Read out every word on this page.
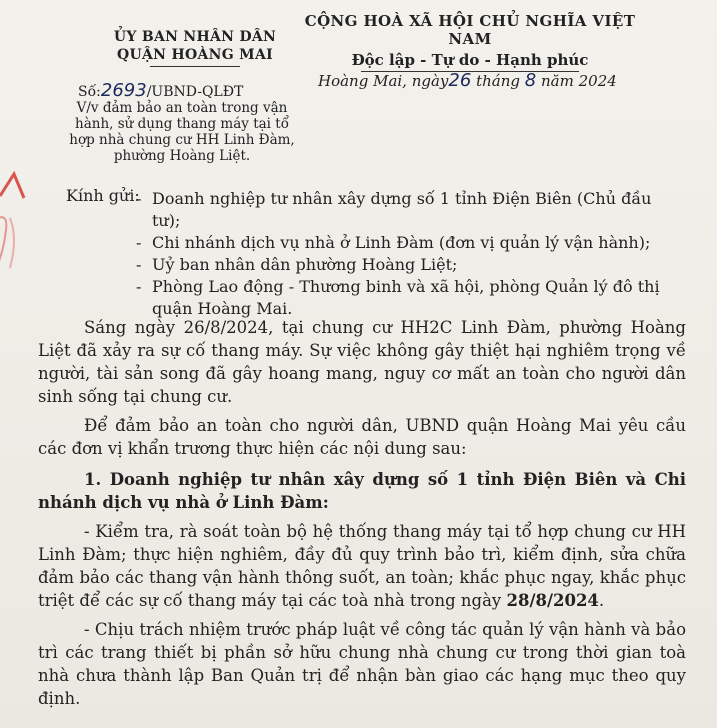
ỦY BAN NHÂN DÂN
QUẬN HOÀNG MAI
CỘNG HOÀ XÃ HỘI CHỦ NGHĨA VIỆT NAM
Độc lập - Tự do - Hạnh phúc
Số:2693/UBND-QLĐT
V/v đảm bảo an toàn trong vận hành, sử dụng thang máy tại tổ hợp nhà chung cư HH Linh Đàm, phường Hoàng Liệt.
Hoàng Mai, ngày26 tháng 8 năm 2024
Kính gửi:
- Doanh nghiệp tư nhân xây dựng số 1 tỉnh Điện Biên (Chủ đầu tư);
- Chi nhánh dịch vụ nhà ở Linh Đàm (đơn vị quản lý vận hành);
- Uỷ ban nhân dân phường Hoàng Liệt;
- Phòng Lao động - Thương binh và xã hội, phòng Quản lý đô thị quận Hoàng Mai.

Sáng ngày 26/8/2024, tại chung cư HH2C Linh Đàm, phường Hoàng Liệt đã xảy ra sự cố thang máy. Sự việc không gây thiệt hại nghiêm trọng về người, tài sản song đã gây hoang mang, nguy cơ mất an toàn cho người dân sinh sống tại chung cư.

Để đảm bảo an toàn cho người dân, UBND quận Hoàng Mai yêu cầu các đơn vị khẩn trương thực hiện các nội dung sau:

1. Doanh nghiệp tư nhân xây dựng số 1 tỉnh Điện Biên và Chi nhánh dịch vụ nhà ở Linh Đàm:

- Kiểm tra, rà soát toàn bộ hệ thống thang máy tại tổ hợp chung cư HH Linh Đàm; thực hiện nghiêm, đầy đủ quy trình bảo trì, kiểm định, sửa chữa đảm bảo các thang vận hành thông suốt, an toàn; khắc phục ngay, khắc phục triệt để các sự cố thang máy tại các toà nhà trong ngày 28/8/2024.

- Chịu trách nhiệm trước pháp luật về công tác quản lý vận hành và bảo trì các trang thiết bị phần sở hữu chung nhà chung cư trong thời gian toà nhà chưa thành lập Ban Quản trị để nhận bàn giao các hạng mục theo quy định.
